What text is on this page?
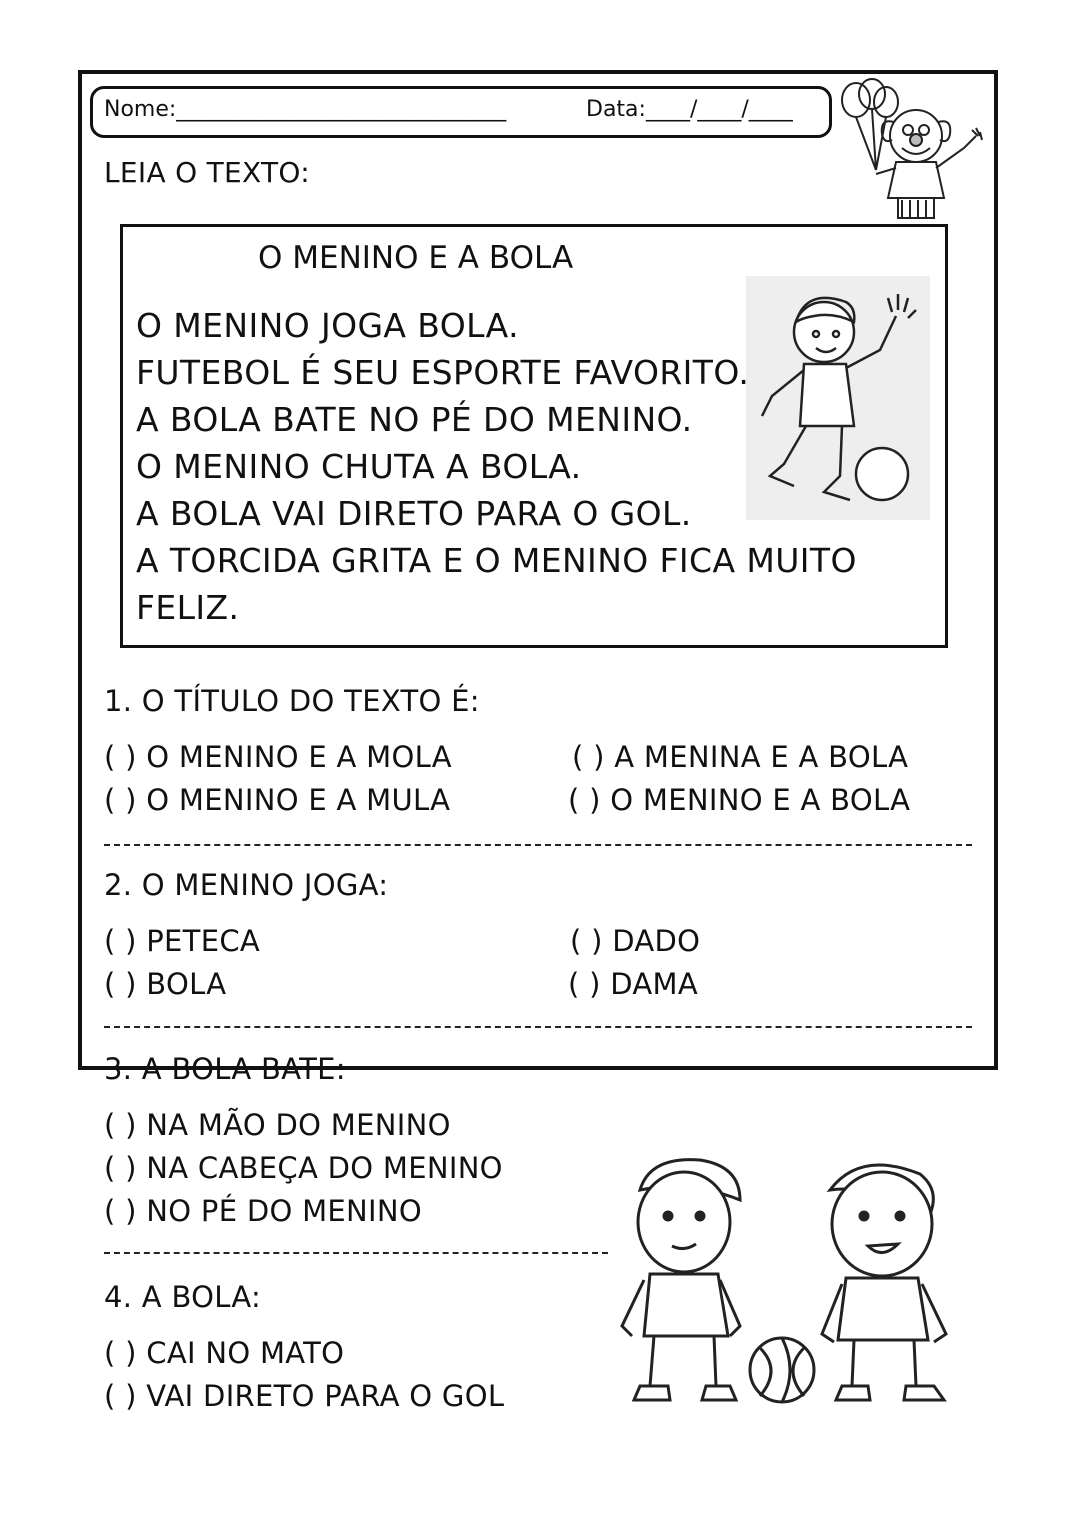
Nome:______________________________	Data:____/____/____
LEIA O TEXTO:
O MENINO E A BOLA
O MENINO JOGA BOLA.
FUTEBOL É SEU ESPORTE FAVORITO.
A BOLA BATE NO PÉ DO MENINO.
O MENINO CHUTA A BOLA.
A BOLA VAI DIRETO PARA O GOL.
A TORCIDA GRITA E O MENINO FICA MUITO
FELIZ.
1. O TÍTULO DO TEXTO É:
( ) O MENINO E A MOLA	( ) A MENINA E A BOLA
( ) O MENINO E A MULA	( ) O MENINO E A BOLA
2. O MENINO JOGA:
( ) PETECA	( ) DADO
( ) BOLA	( ) DAMA
3. A BOLA BATE:
( ) NA MÃO DO MENINO
( ) NA CABEÇA DO MENINO
( ) NO PÉ DO MENINO
4. A BOLA:
( ) CAI NO MATO
( ) VAI DIRETO PARA O GOL
